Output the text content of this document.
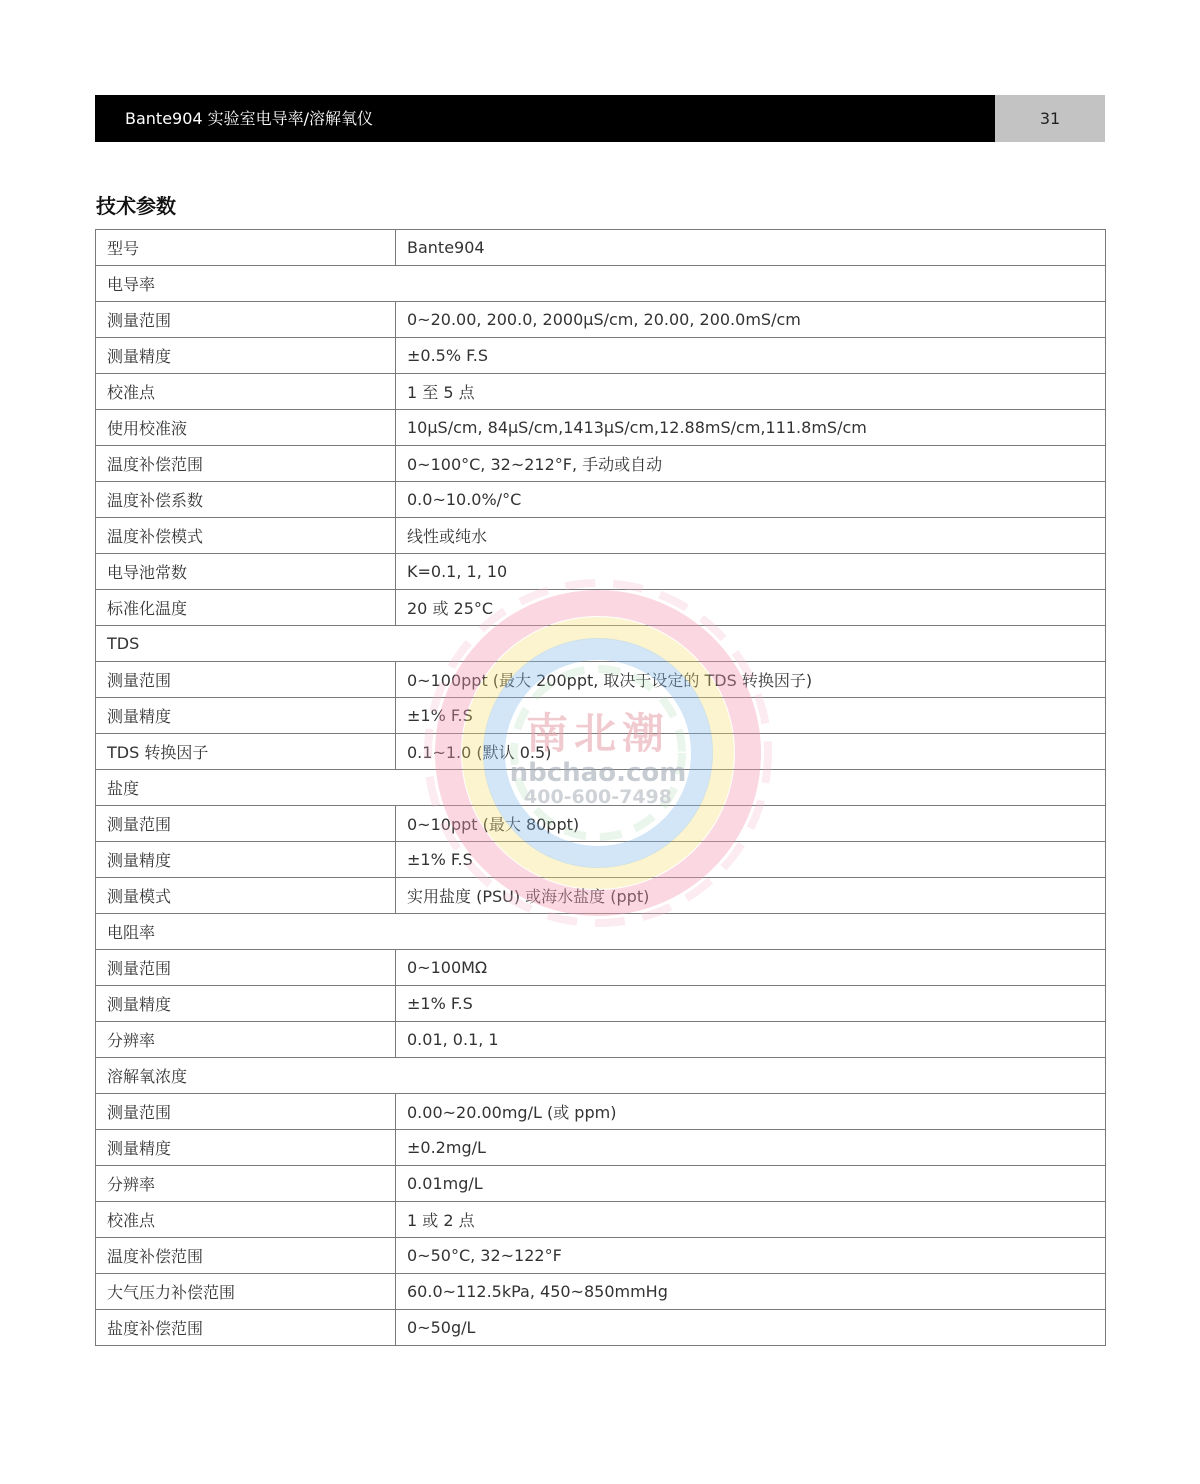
Bante904 实验室电导率/溶解氧仪	31
技术参数
型号	Bante904
电导率	
测量范围	0~20.00, 200.0, 2000μS/cm, 20.00, 200.0mS/cm
测量精度	±0.5% F.S
校准点	1 至 5 点
使用校准液	10μS/cm, 84μS/cm,1413μS/cm,12.88mS/cm,111.8mS/cm
温度补偿范围	0~100°C, 32~212°F, 手动或自动
温度补偿系数	0.0~10.0%/°C
温度补偿模式	线性或纯水
电导池常数	K=0.1, 1, 10
标准化温度	20 或 25°C
TDS	
测量范围	0~100ppt (最大 200ppt, 取决于设定的 TDS 转换因子)
测量精度	±1% F.S
TDS 转换因子	0.1~1.0 (默认 0.5)
盐度	
测量范围	0~10ppt (最大 80ppt)
测量精度	±1% F.S
测量模式	实用盐度 (PSU) 或海水盐度 (ppt)
电阻率	
测量范围	0~100MΩ
测量精度	±1% F.S
分辨率	0.01, 0.1, 1
溶解氧浓度	
测量范围	0.00~20.00mg/L (或 ppm)
测量精度	±0.2mg/L
分辨率	0.01mg/L
校准点	1 或 2 点
温度补偿范围	0~50°C, 32~122°F
大气压力补偿范围	60.0~112.5kPa, 450~850mmHg
盐度补偿范围	0~50g/L
南北潮
nbchao.com
400-600-7498
